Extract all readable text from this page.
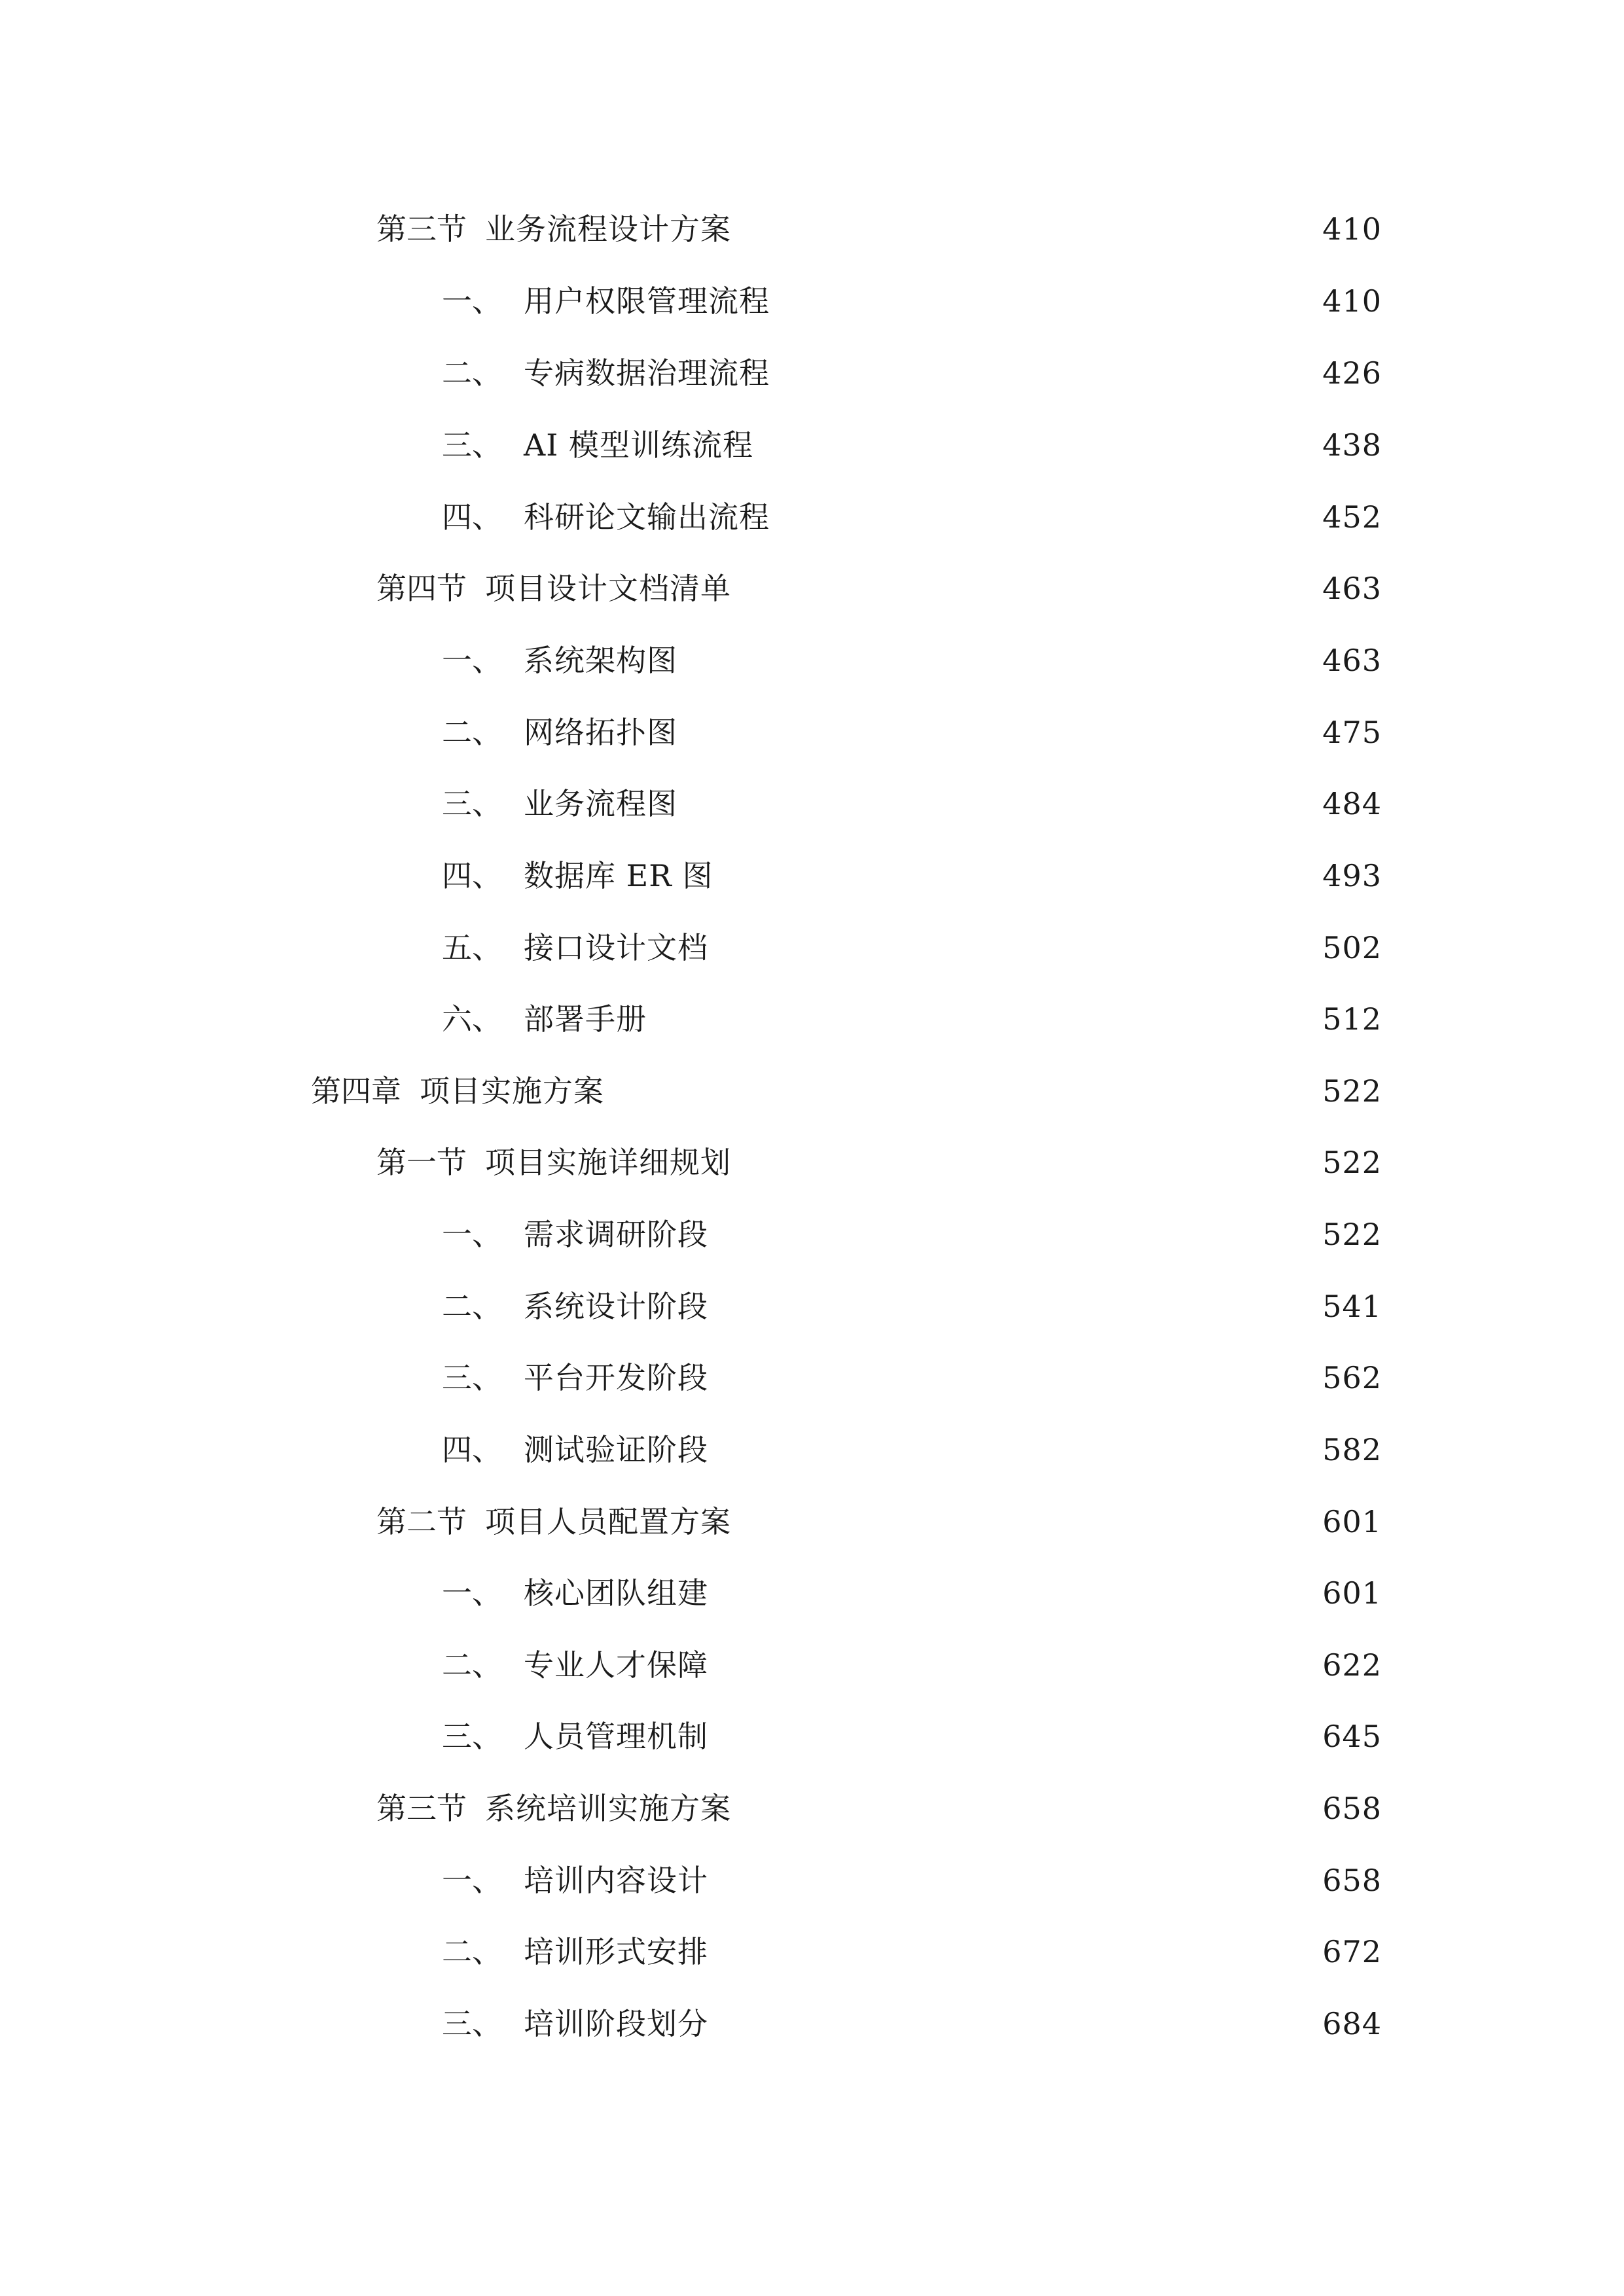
第三节 业务流程设计方案	410
一、 用户权限管理流程	410
二、 专病数据治理流程	426
三、 AI 模型训练流程	438
四、 科研论文输出流程	452
第四节 项目设计文档清单	463
一、 系统架构图	463
二、 网络拓扑图	475
三、 业务流程图	484
四、 数据库 ER 图	493
五、 接口设计文档	502
六、 部署手册	512
第四章 项目实施方案	522
第一节 项目实施详细规划	522
一、 需求调研阶段	522
二、 系统设计阶段	541
三、 平台开发阶段	562
四、 测试验证阶段	582
第二节 项目人员配置方案	601
一、 核心团队组建	601
二、 专业人才保障	622
三、 人员管理机制	645
第三节 系统培训实施方案	658
一、 培训内容设计	658
二、 培训形式安排	672
三、 培训阶段划分	684
